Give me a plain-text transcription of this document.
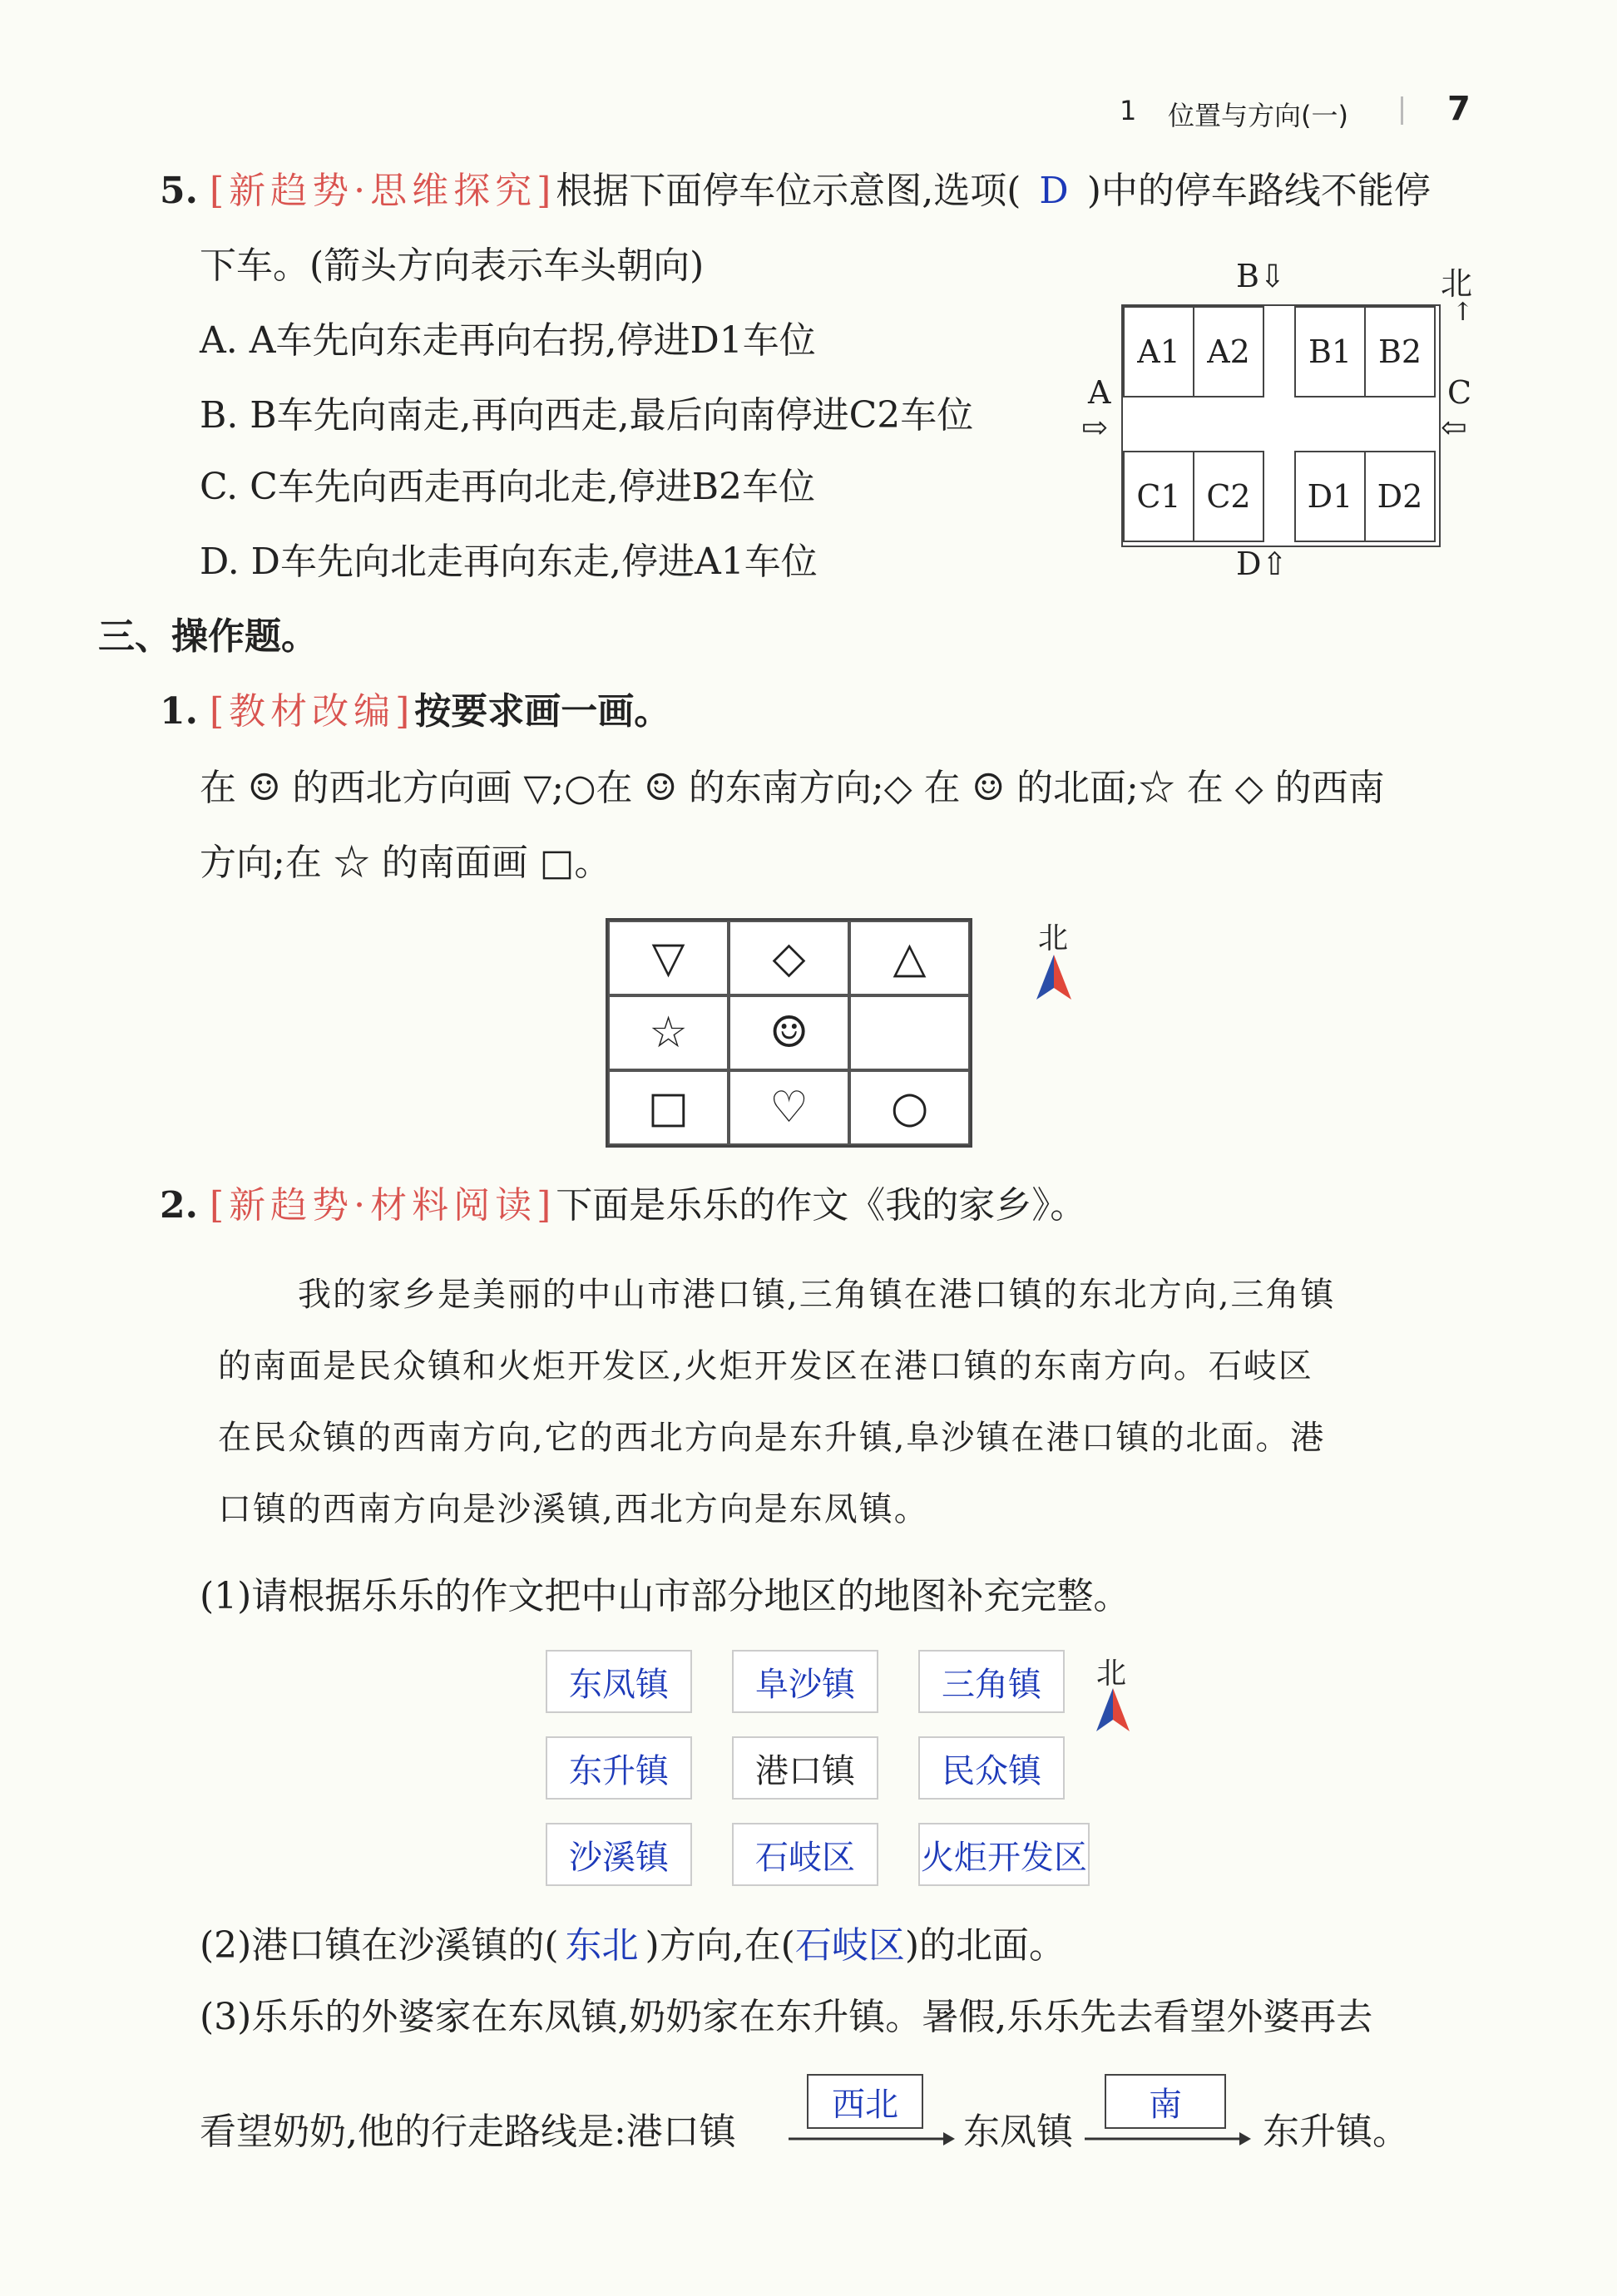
1 位置与方向(一)	7
5. [新趋势·思维探究]根据下面停车位示意图,选项( D )中的停车路线不能停
下车。(箭头方向表示车头朝向)
A. A车先向东走再向右拐,停进D1车位
B. B车先向南走,再向西走,最后向南停进C2车位
C. C车先向西走再向北走,停进B2车位
D. D车先向北走再向东走,停进A1车位
B⇩	北
↑
A1 A2	B1 B2
C1 C2	D1 D2
A
⇨
C
⇦
D⇧
三、操作题。
1. [教材改编]按要求画一画。
在 ☺ 的西北方向画 ▽;○在 ☺ 的东南方向;◇ 在 ☺ 的北面;☆ 在 ◇ 的西南
方向;在 ☆ 的南面画 □。
▽	◇	△
☆	☺
□	♡	○
北
2. [新趋势·材料阅读]下面是乐乐的作文《我的家乡》。
我的家乡是美丽的中山市港口镇,三角镇在港口镇的东北方向,三角镇
的南面是民众镇和火炬开发区,火炬开发区在港口镇的东南方向。石岐区
在民众镇的西南方向,它的西北方向是东升镇,阜沙镇在港口镇的北面。港
口镇的西南方向是沙溪镇,西北方向是东凤镇。
(1)请根据乐乐的作文把中山市部分地区的地图补充完整。
东凤镇	阜沙镇	三角镇
东升镇	港口镇	民众镇
沙溪镇	石岐区	火炬开发区
北
(2)港口镇在沙溪镇的( 东北 )方向,在(石岐区)的北面。
(3)乐乐的外婆家在东凤镇,奶奶家在东升镇。暑假,乐乐先去看望外婆再去
看望奶奶,他的行走路线是:港口镇
西北
东凤镇
南
东升镇。
